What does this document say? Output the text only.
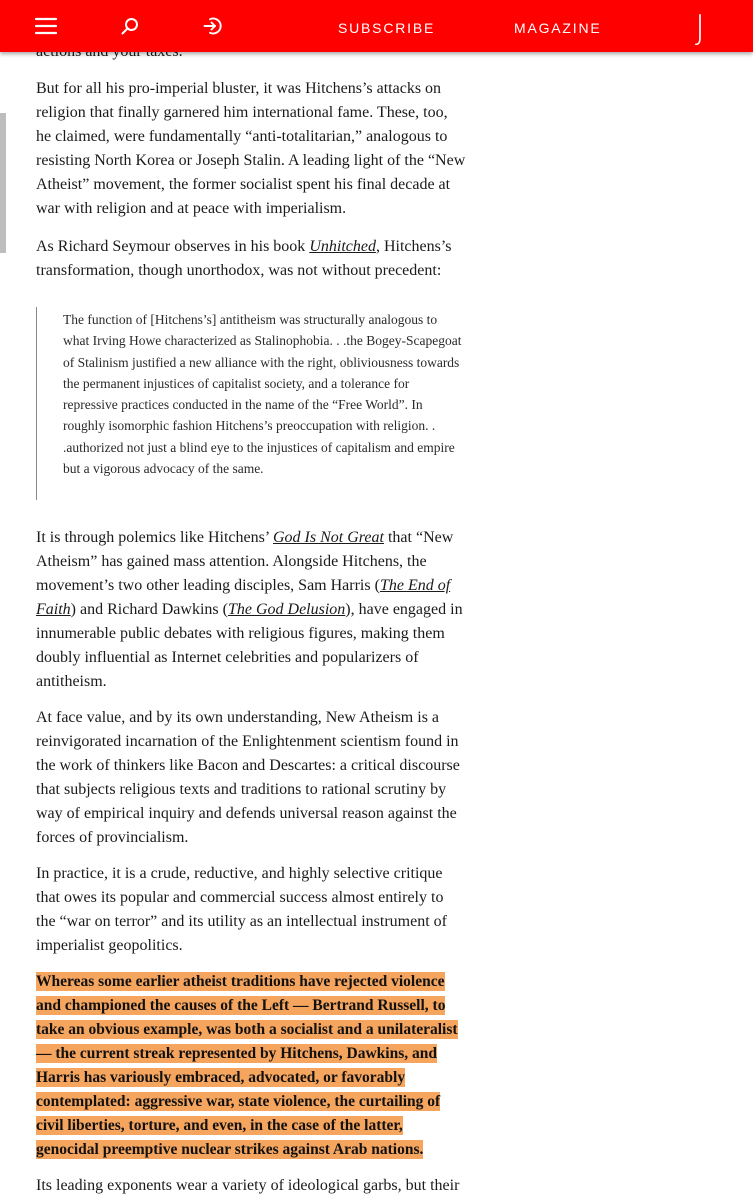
SUBSCRIBE	MAGAZINE	J

But for all his pro-imperial bluster, it was Hitchens’s attacks on religion that finally garnered him international fame. These, too, he claimed, were fundamentally “anti-totalitarian,” analogous to resisting North Korea or Joseph Stalin. A leading light of the “New Atheist” movement, the former socialist spent his final decade at war with religion and at peace with imperialism.

As Richard Seymour observes in his book Unhitched, Hitchens’s transformation, though unorthodox, was not without precedent:

The function of [Hitchens’s] antitheism was structurally analogous to what Irving Howe characterized as Stalinophobia. . .the Bogey-Scapegoat of Stalinism justified a new alliance with the right, obliviousness towards the permanent injustices of capitalist society, and a tolerance for repressive practices conducted in the name of the “Free World”. In roughly isomorphic fashion Hitchens’s preoccupation with religion. . .authorized not just a blind eye to the injustices of capitalism and empire but a vigorous advocacy of the same.

It is through polemics like Hitchens’ God Is Not Great that “New Atheism” has gained mass attention. Alongside Hitchens, the movement’s two other leading disciples, Sam Harris (The End of Faith) and Richard Dawkins (The God Delusion), have engaged in innumerable public debates with religious figures, making them doubly influential as Internet celebrities and popularizers of antitheism.

At face value, and by its own understanding, New Atheism is a reinvigorated incarnation of the Enlightenment scientism found in the work of thinkers like Bacon and Descartes: a critical discourse that subjects religious texts and traditions to rational scrutiny by way of empirical inquiry and defends universal reason against the forces of provincialism.

In practice, it is a crude, reductive, and highly selective critique that owes its popular and commercial success almost entirely to the “war on terror” and its utility as an intellectual instrument of imperialist geopolitics.

Whereas some earlier atheist traditions have rejected violence and championed the causes of the Left — Bertrand Russell, to take an obvious example, was both a socialist and a unilateralist — the current streak represented by Hitchens, Dawkins, and Harris has variously embraced, advocated, or favorably contemplated: aggressive war, state violence, the curtailing of civil liberties, torture, and even, in the case of the latter, genocidal preemptive nuclear strikes against Arab nations.

Its leading exponents wear a variety of ideological garbs, but their
